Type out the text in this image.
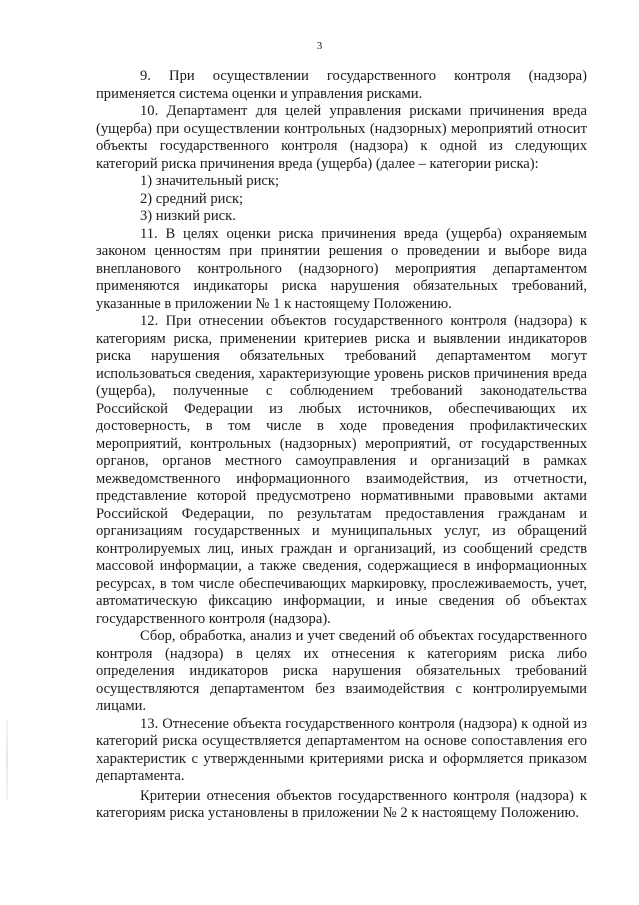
3

9. При осуществлении государственного контроля (надзора) применяется система оценки и управления рисками.

10. Департамент для целей управления рисками причинения вреда (ущерба) при осуществлении контрольных (надзорных) мероприятий относит объекты государственного контроля (надзора) к одной из следующих категорий риска причинения вреда (ущерба) (далее – категории риска):

1) значительный риск;

2) средний риск;

3) низкий риск.

11. В целях оценки риска причинения вреда (ущерба) охраняемым законом ценностям при принятии решения о проведении и выборе вида внепланового контрольного (надзорного) мероприятия департаментом применяются индикаторы риска нарушения обязательных требований, указанные в приложении № 1 к настоящему Положению.

12. При отнесении объектов государственного контроля (надзора) к категориям риска, применении критериев риска и выявлении индикаторов риска нарушения обязательных требований департаментом могут использоваться сведения, характеризующие уровень рисков причинения вреда (ущерба), полученные с соблюдением требований законодательства Российской Федерации из любых источников, обеспечивающих их достоверность, в том числе в ходе проведения профилактических мероприятий, контрольных (надзорных) мероприятий, от государственных органов, органов местного самоуправления и организаций в рамках межведомственного информационного взаимодействия, из отчетности, представление которой предусмотрено нормативными правовыми актами Российской Федерации, по результатам предоставления гражданам и организациям государственных и муниципальных услуг, из обращений контролируемых лиц, иных граждан и организаций, из сообщений средств массовой информации, а также сведения, содержащиеся в информационных ресурсах, в том числе обеспечивающих маркировку, прослеживаемость, учет, автоматическую фиксацию информации, и иные сведения об объектах государственного контроля (надзора).

Сбор, обработка, анализ и учет сведений об объектах государственного контроля (надзора) в целях их отнесения к категориям риска либо определения индикаторов риска нарушения обязательных требований осуществляются департаментом без взаимодействия с контролируемыми лицами.

13. Отнесение объекта государственного контроля (надзора) к одной из категорий риска осуществляется департаментом на основе сопоставления его характеристик с утвержденными критериями риска и оформляется приказом департамента.

Критерии отнесения объектов государственного контроля (надзора) к категориям риска установлены в приложении № 2 к настоящему Положению.
